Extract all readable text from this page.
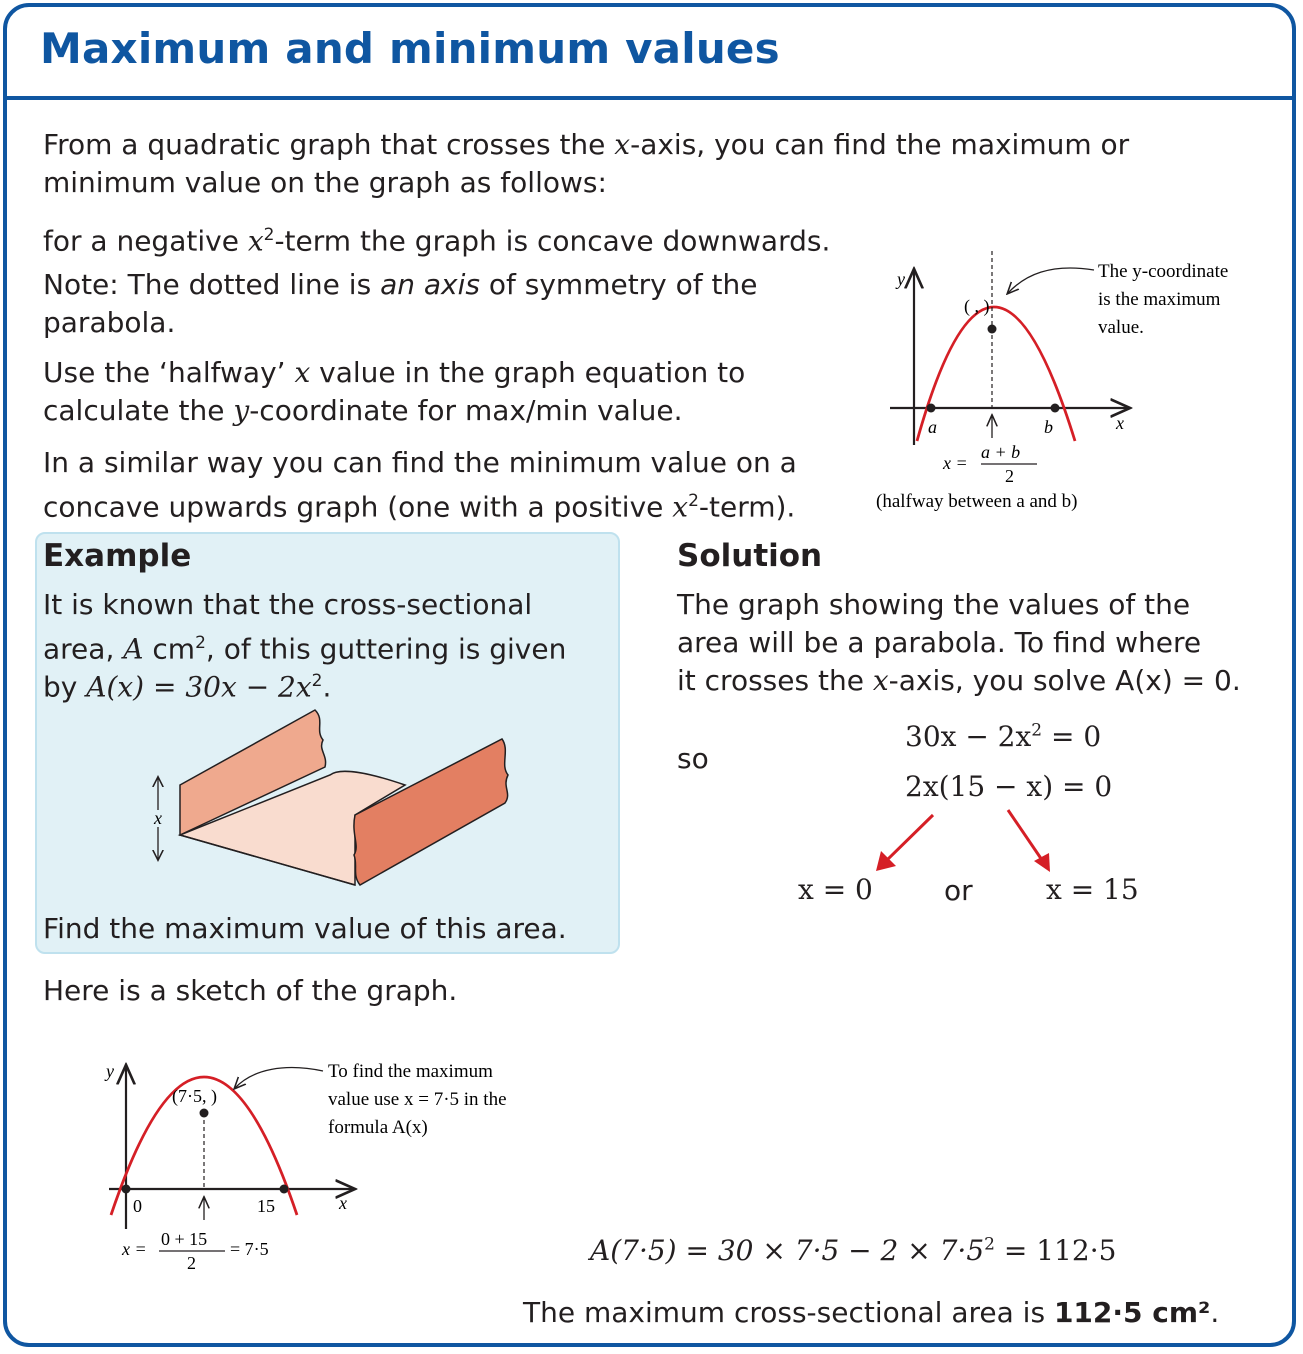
Maximum and minimum values

From a quadratic graph that crosses the x-axis, you can find the maximum or

minimum value on the graph as follows:

for a negative $x^2$-term the graph is concave downwards.

Note: The dotted line is an axis of symmetry of the

parabola.

Use the ‘halfway’ x value in the graph equation to

calculate the y-coordinate for max/min value.

In a similar way you can find the minimum value on a

concave upwards graph (one with a positive $x^2-term$).

y
x
( , )
a	b
The y-coordinate
is the maximum
value.
x =
a + b
2
(halfway between a and b)
Example

It is known that the cross-sectional

area, A $cm^2$, of this guttering is given

by $A(x) = 30x - 2x^2$.

x

Find the maximum value of this area.

Solution

The graph showing the values of the

area will be a parabola. To find where

it crosses the x-axis, you solve A(x) = 0.

so

$30x - 2x^2 = 0$
2x(15 − x) = 0
x = 0	or	x = 15

Here is a sketch of the graph.

y
x
(7·5, )
0	15
To find the maximum
value use x = 7·5 in the
formula A(x)
x = 0 + 15
2
= 7·5	$A(7\cdot 5) = 30 \times 7\cdot 5 - 2 \times 7\cdot 5^2 = 112\cdot 5$

The maximum cross-sectional area is 112·5 cm².
